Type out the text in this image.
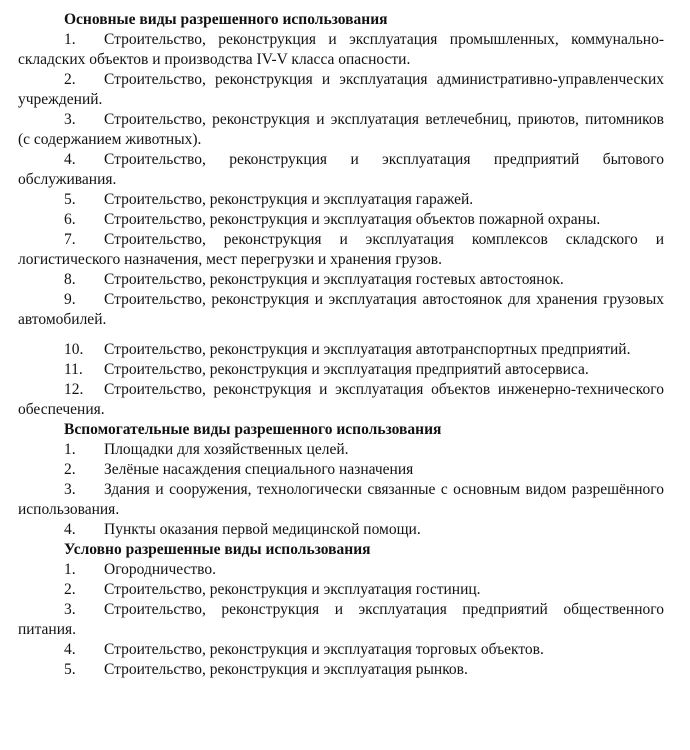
Основные виды разрешенного использования

1. Строительство, реконструкция и эксплуатация промышленных, коммунально-складских объектов и производства IV-V класса опасности.

2. Строительство, реконструкция и эксплуатация административно-управленческих учреждений.

3. Строительство, реконструкция и эксплуатация ветлечебниц, приютов, питомников (с содержанием животных).

4. Строительство, реконструкция и эксплуатация предприятий бытового обслуживания.

5. Строительство, реконструкция и эксплуатация гаражей.

6. Строительство, реконструкция и эксплуатация объектов пожарной охраны.

7. Строительство, реконструкция и эксплуатация комплексов складского и логистического назначения, мест перегрузки и хранения грузов.

8. Строительство, реконструкция и эксплуатация гостевых автостоянок.

9. Строительство, реконструкция и эксплуатация автостоянок для хранения грузовых автомобилей.

10. Строительство, реконструкция и эксплуатация автотранспортных предприятий.

11. Строительство, реконструкция и эксплуатация предприятий автосервиса.

12. Строительство, реконструкция и эксплуатация объектов инженерно-технического обеспечения.

Вспомогательные виды разрешенного использования

1. Площадки для хозяйственных целей.

2. Зелёные насаждения специального назначения

3. Здания и сооружения, технологически связанные с основным видом разрешённого использования.

4. Пункты оказания первой медицинской помощи.

Условно разрешенные виды использования

1. Огородничество.

2. Строительство, реконструкция и эксплуатация гостиниц.

3. Строительство, реконструкция и эксплуатация предприятий общественного питания.

4. Строительство, реконструкция и эксплуатация торговых объектов.

5. Строительство, реконструкция и эксплуатация рынков.
